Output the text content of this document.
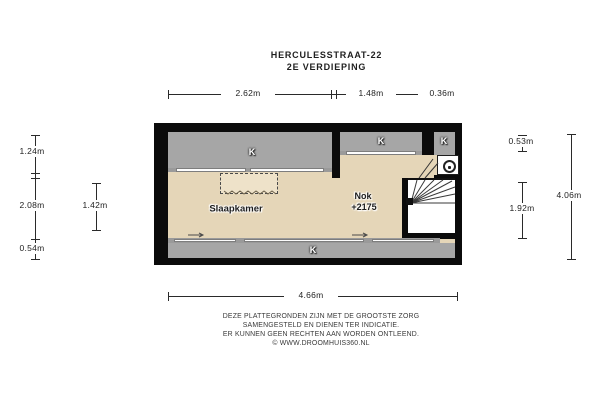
HERCULESSTRAAT-22
2E VERDIEPING
2.62m	1.48m	0.36m
1.24m
2.08m
0.54m
1.42m
0.53m
1.92m
4.06m
4.66m
K
K	K
K
Slaapkamer
Nok
+2175
DEZE PLATTEGRONDEN ZIJN MET DE GROOTSTE ZORG
SAMENGESTELD EN DIENEN TER INDICATIE.
ER KUNNEN GEEN RECHTEN AAN WORDEN ONTLEEND.
© WWW.DROOMHUIS360.NL
